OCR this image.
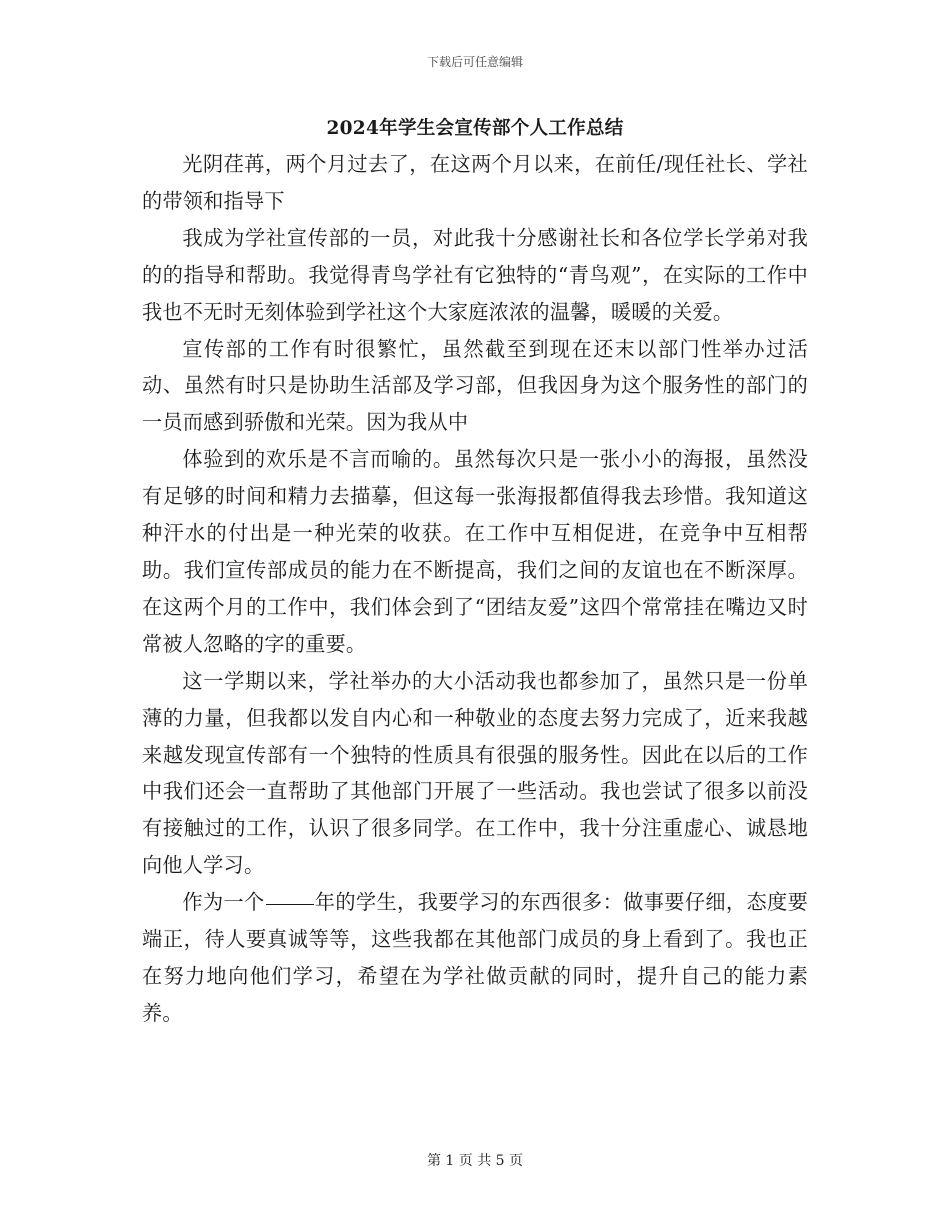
下载后可任意编辑
2024年学生会宣传部个人工作总结

光阴荏苒，两个月过去了，在这两个月以来，在前任/现任社长、学社的带领和指导下

我成为学社宣传部的一员，对此我十分感谢社长和各位学长学弟对我的的指导和帮助。我觉得青鸟学社有它独特的“青鸟观”，在实际的工作中我也不无时无刻体验到学社这个大家庭浓浓的温馨，暖暖的关爱。

宣传部的工作有时很繁忙，虽然截至到现在还末以部门性举办过活动、虽然有时只是协助生活部及学习部，但我因身为这个服务性的部门的一员而感到骄傲和光荣。因为我从中

体验到的欢乐是不言而喻的。虽然每次只是一张小小的海报，虽然没有足够的时间和精力去描摹，但这每一张海报都值得我去珍惜。我知道这种汗水的付出是一种光荣的收获。在工作中互相促进，在竞争中互相帮助。我们宣传部成员的能力在不断提高，我们之间的友谊也在不断深厚。在这两个月的工作中，我们体会到了“团结友爱”这四个常常挂在嘴边又时常被人忽略的字的重要。

这一学期以来，学社举办的大小活动我也都参加了，虽然只是一份单薄的力量，但我都以发自内心和一种敬业的态度去努力完成了，近来我越来越发现宣传部有一个独特的性质具有很强的服务性。因此在以后的工作中我们还会一直帮助了其他部门开展了一些活动。我也尝试了很多以前没有接触过的工作，认识了很多同学。在工作中，我十分注重虚心、诚恳地向他人学习。

作为一个 年的学生，我要学习的东西很多：做事要仔细，态度要端正，待人要真诚等等，这些我都在其他部门成员的身上看到了。我也正在努力地向他们学习，希望在为学社做贡献的同时，提升自己的能力素养。

第 1 页 共 5 页
